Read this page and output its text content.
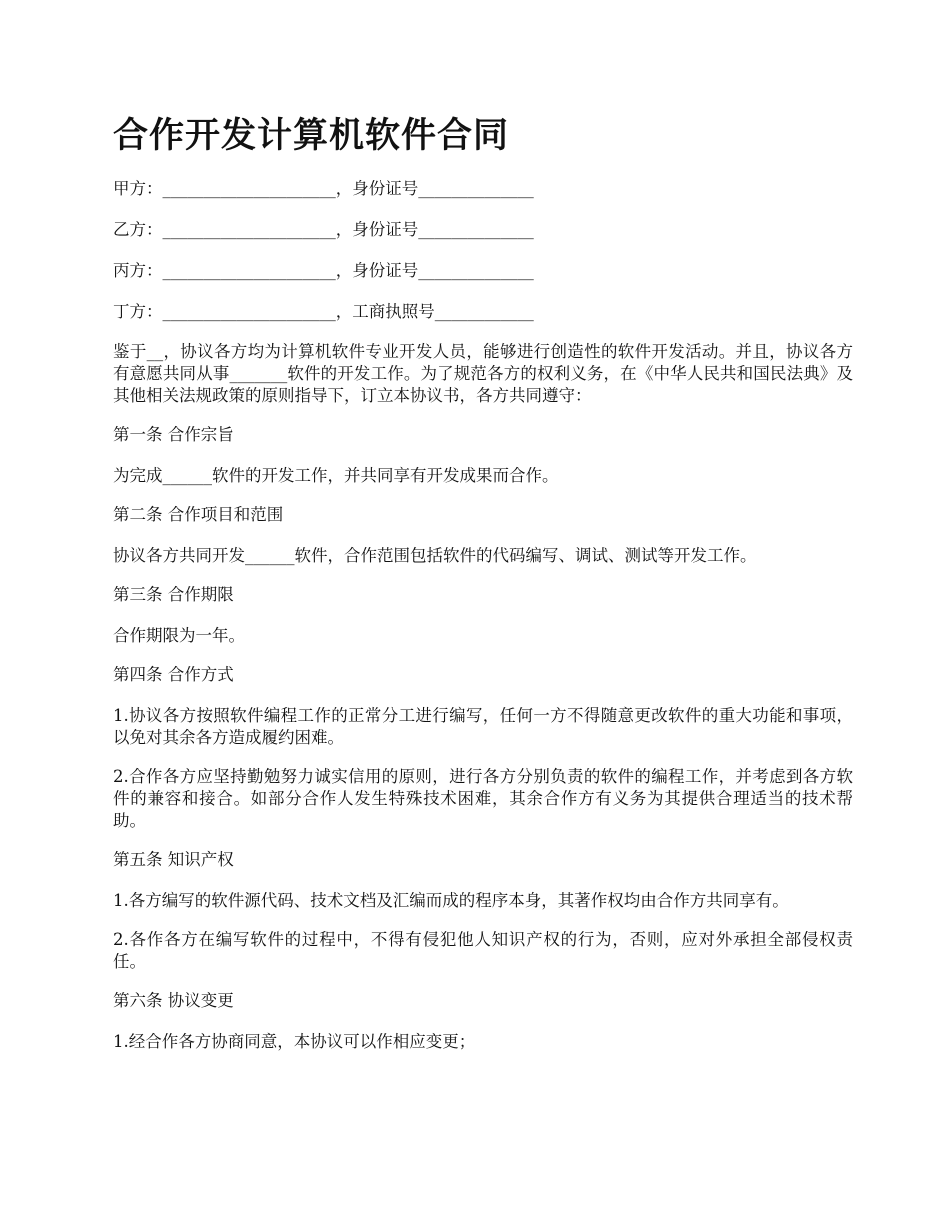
合作开发计算机软件合同

甲方：_____________________，身份证号______________

乙方：_____________________，身份证号______________

丙方：_____________________，身份证号______________

丁方：_____________________，工商执照号____________

鉴于__，协议各方均为计算机软件专业开发人员，能够进行创造性的软件开发活动。并且，协议各方有意愿共同从事_______软件的开发工作。为了规范各方的权利义务，在《中华人民共和国民法典》及其他相关法规政策的原则指导下，订立本协议书，各方共同遵守：

第一条 合作宗旨

为完成______软件的开发工作，并共同享有开发成果而合作。

第二条 合作项目和范围

协议各方共同开发______软件，合作范围包括软件的代码编写、调试、测试等开发工作。

第三条 合作期限

合作期限为一年。

第四条 合作方式

1.协议各方按照软件编程工作的正常分工进行编写，任何一方不得随意更改软件的重大功能和事项，以免对其余各方造成履约困难。

2.合作各方应坚持勤勉努力诚实信用的原则，进行各方分别负责的软件的编程工作，并考虑到各方软件的兼容和接合。如部分合作人发生特殊技术困难，其余合作方有义务为其提供合理适当的技术帮助。

第五条 知识产权

1.各方编写的软件源代码、技术文档及汇编而成的程序本身，其著作权均由合作方共同享有。

2.各作各方在编写软件的过程中，不得有侵犯他人知识产权的行为，否则，应对外承担全部侵权责任。

第六条 协议变更

1.经合作各方协商同意，本协议可以作相应变更；
